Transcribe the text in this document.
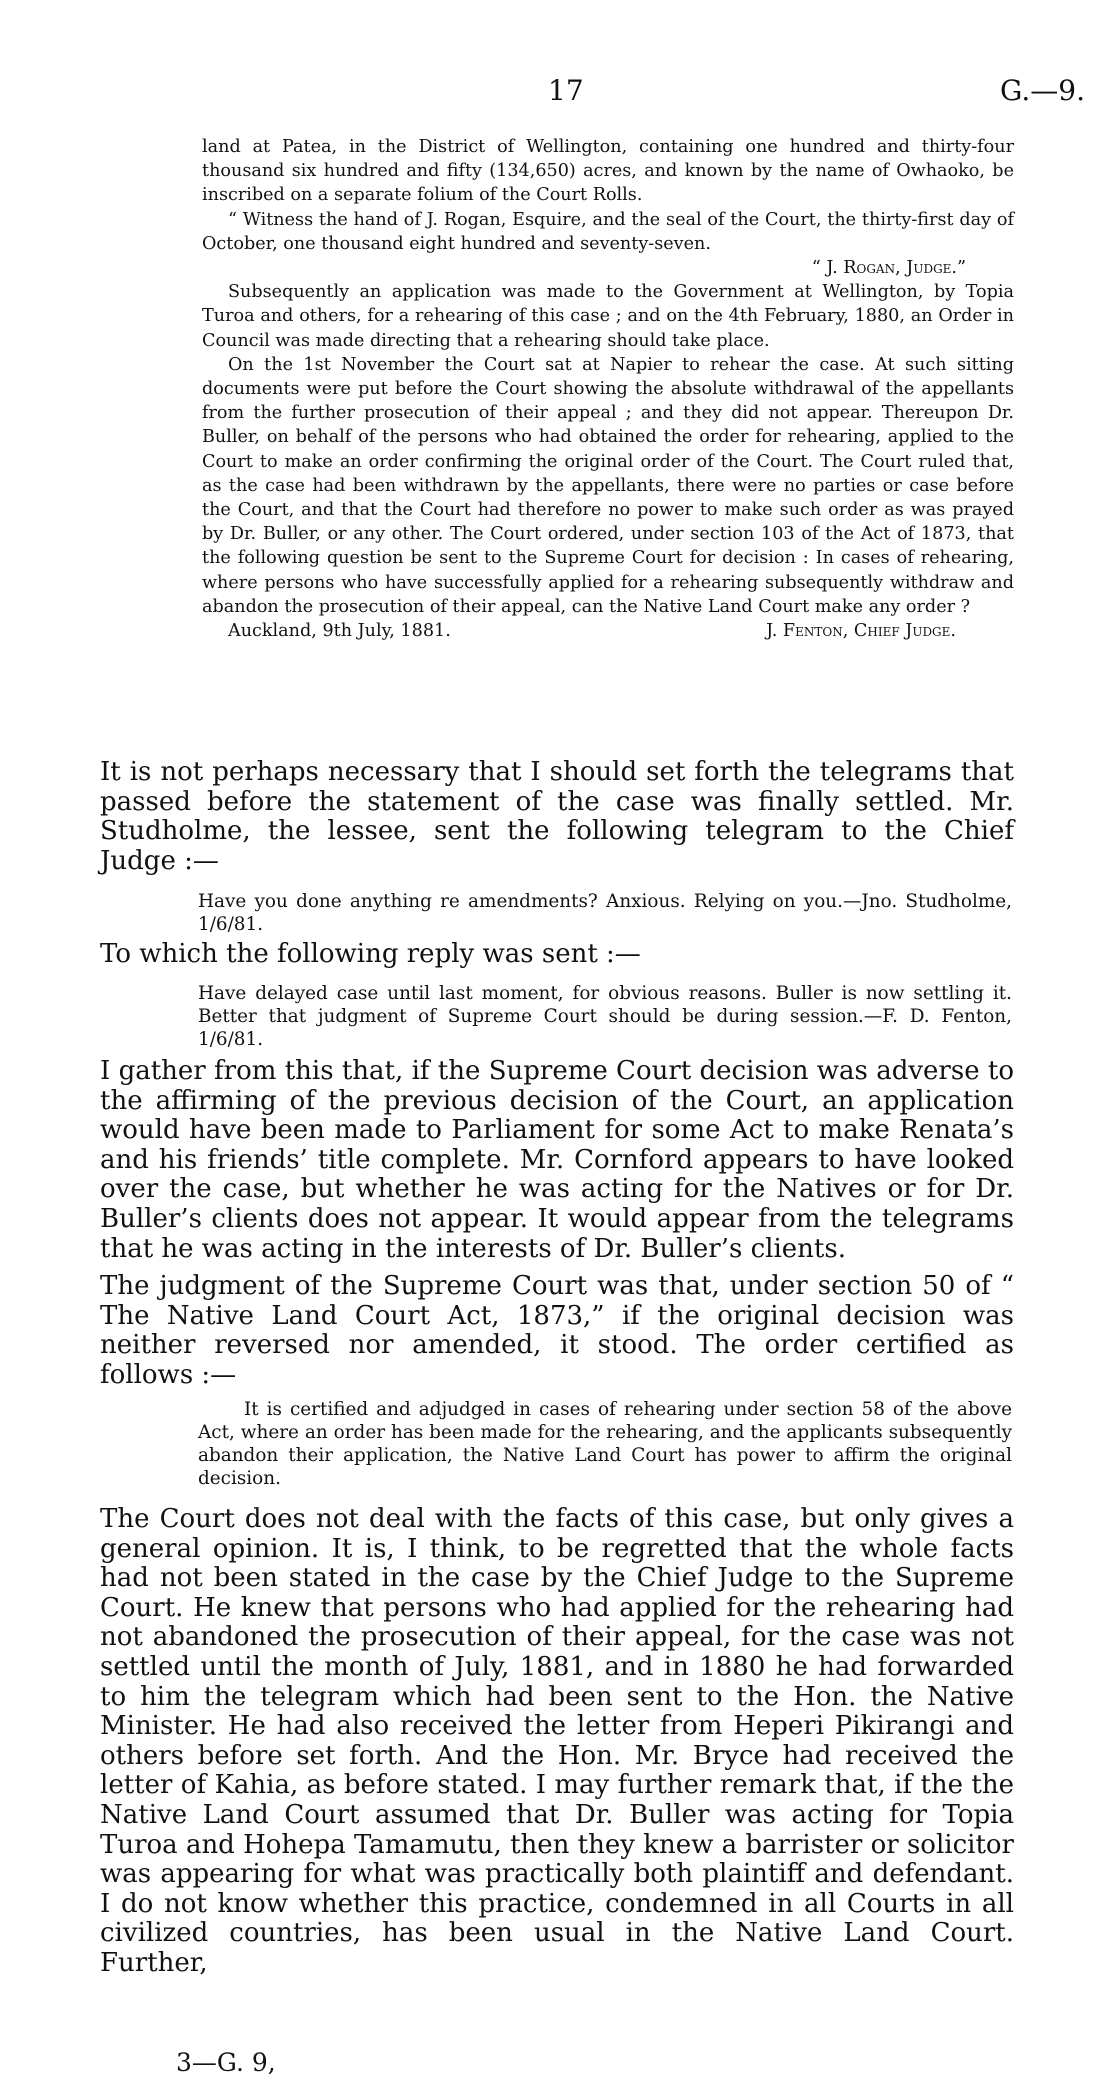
17	G.—9.

land at Patea, in the District of Wellington, containing one hundred and thirty-four thousand six hundred and fifty (134,650) acres, and known by the name of Owhaoko, be inscribed on a separate folium of the Court Rolls.

“ Witness the hand of J. Rogan, Esquire, and the seal of the Court, the thirty-first day of October, one thousand eight hundred and seventy-seven.

“ J. Rogan, Judge.”

Subsequently an application was made to the Government at Wellington, by Topia Turoa and others, for a rehearing of this case ; and on the 4th February, 1880, an Order in Council was made directing that a rehearing should take place.

On the 1st November the Court sat at Napier to rehear the case. At such sitting documents were put before the Court showing the absolute withdrawal of the appellants from the further prosecution of their appeal ; and they did not appear. Thereupon Dr. Buller, on behalf of the persons who had obtained the order for rehearing, applied to the Court to make an order confirming the original order of the Court. The Court ruled that, as the case had been withdrawn by the appellants, there were no parties or case before the Court, and that the Court had therefore no power to make such order as was prayed by Dr. Buller, or any other. The Court ordered, under section 103 of the Act of 1873, that the following question be sent to the Supreme Court for decision : In cases of rehearing, where persons who have successfully applied for a rehearing subsequently withdraw and abandon the prosecution of their appeal, can the Native Land Court make any order ?

Auckland, 9th July, 1881.	J. Fenton, Chief Judge.

It is not perhaps necessary that I should set forth the telegrams that passed before the statement of the case was finally settled. Mr. Studholme, the lessee, sent the following telegram to the Chief Judge :—

Have you done anything re amendments? Anxious. Relying on you.—Jno. Studholme, 1/6/81.

To which the following reply was sent :—

Have delayed case until last moment, for obvious reasons. Buller is now settling it. Better that judgment of Supreme Court should be during session.—F. D. Fenton, 1/6/81.

I gather from this that, if the Supreme Court decision was adverse to the affirming of the previous decision of the Court, an application would have been made to Parliament for some Act to make Renata’s and his friends’ title complete. Mr. Cornford appears to have looked over the case, but whether he was acting for the Natives or for Dr. Buller’s clients does not appear. It would appear from the telegrams that he was acting in the interests of Dr. Buller’s clients.

The judgment of the Supreme Court was that, under section 50 of “ The Native Land Court Act, 1873,” if the original decision was neither reversed nor amended, it stood. The order certified as follows :—

It is certified and adjudged in cases of rehearing under section 58 of the above Act, where an order has been made for the rehearing, and the applicants subsequently abandon their application, the Native Land Court has power to affirm the original decision.

The Court does not deal with the facts of this case, but only gives a general opinion. It is, I think, to be regretted that the whole facts had not been stated in the case by the Chief Judge to the Supreme Court. He knew that persons who had applied for the rehearing had not abandoned the prosecution of their appeal, for the case was not settled until the month of July, 1881, and in 1880 he had forwarded to him the telegram which had been sent to the Hon. the Native Minister. He had also received the letter from Heperi Pikirangi and others before set forth. And the Hon. Mr. Bryce had received the letter of Kahia, as before stated. I may further remark that, if the the Native Land Court assumed that Dr. Buller was acting for Topia Turoa and Hohepa Tamamutu, then they knew a barrister or solicitor was appearing for what was practically both plaintiff and defendant. I do not know whether this practice, condemned in all Courts in all civilized countries, has been usual in the Native Land Court. Further,

3—G. 9,
